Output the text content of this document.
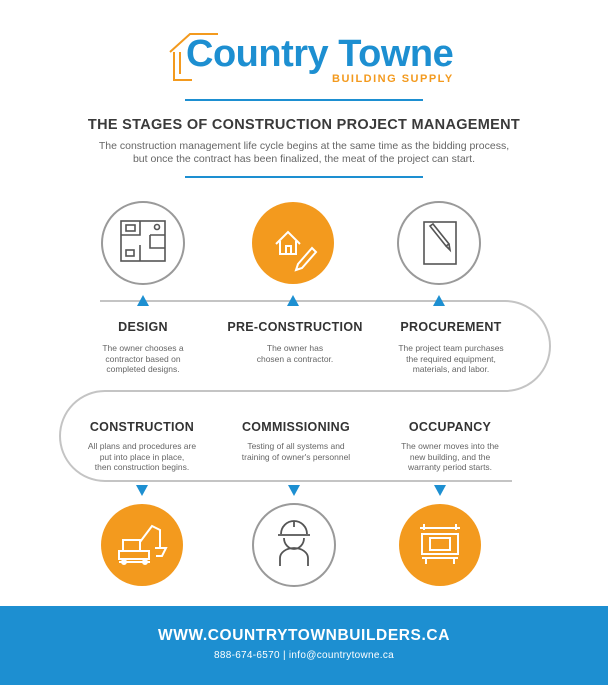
Country Towne
BUILDING SUPPLY
THE STAGES OF CONSTRUCTION PROJECT MANAGEMENT
The construction management life cycle begins at the same time as the bidding process,
but once the contract has been finalized, the meat of the project can start.
DESIGN
The owner chooses a
contractor based on
completed designs.
PRE-CONSTRUCTION
The owner has
chosen a contractor.
PROCUREMENT
The project team purchases
the required equipment,
materials, and labor.
CONSTRUCTION
All plans and procedures are
put into place in place,
then construction begins.
COMMISSIONING
Testing of all systems and
training of owner's personnel
OCCUPANCY
The owner moves into the
new building, and the
warranty period starts.
WWW.COUNTRYTOWNBUILDERS.CA
888-674-6570 | info@countrytowne.ca
